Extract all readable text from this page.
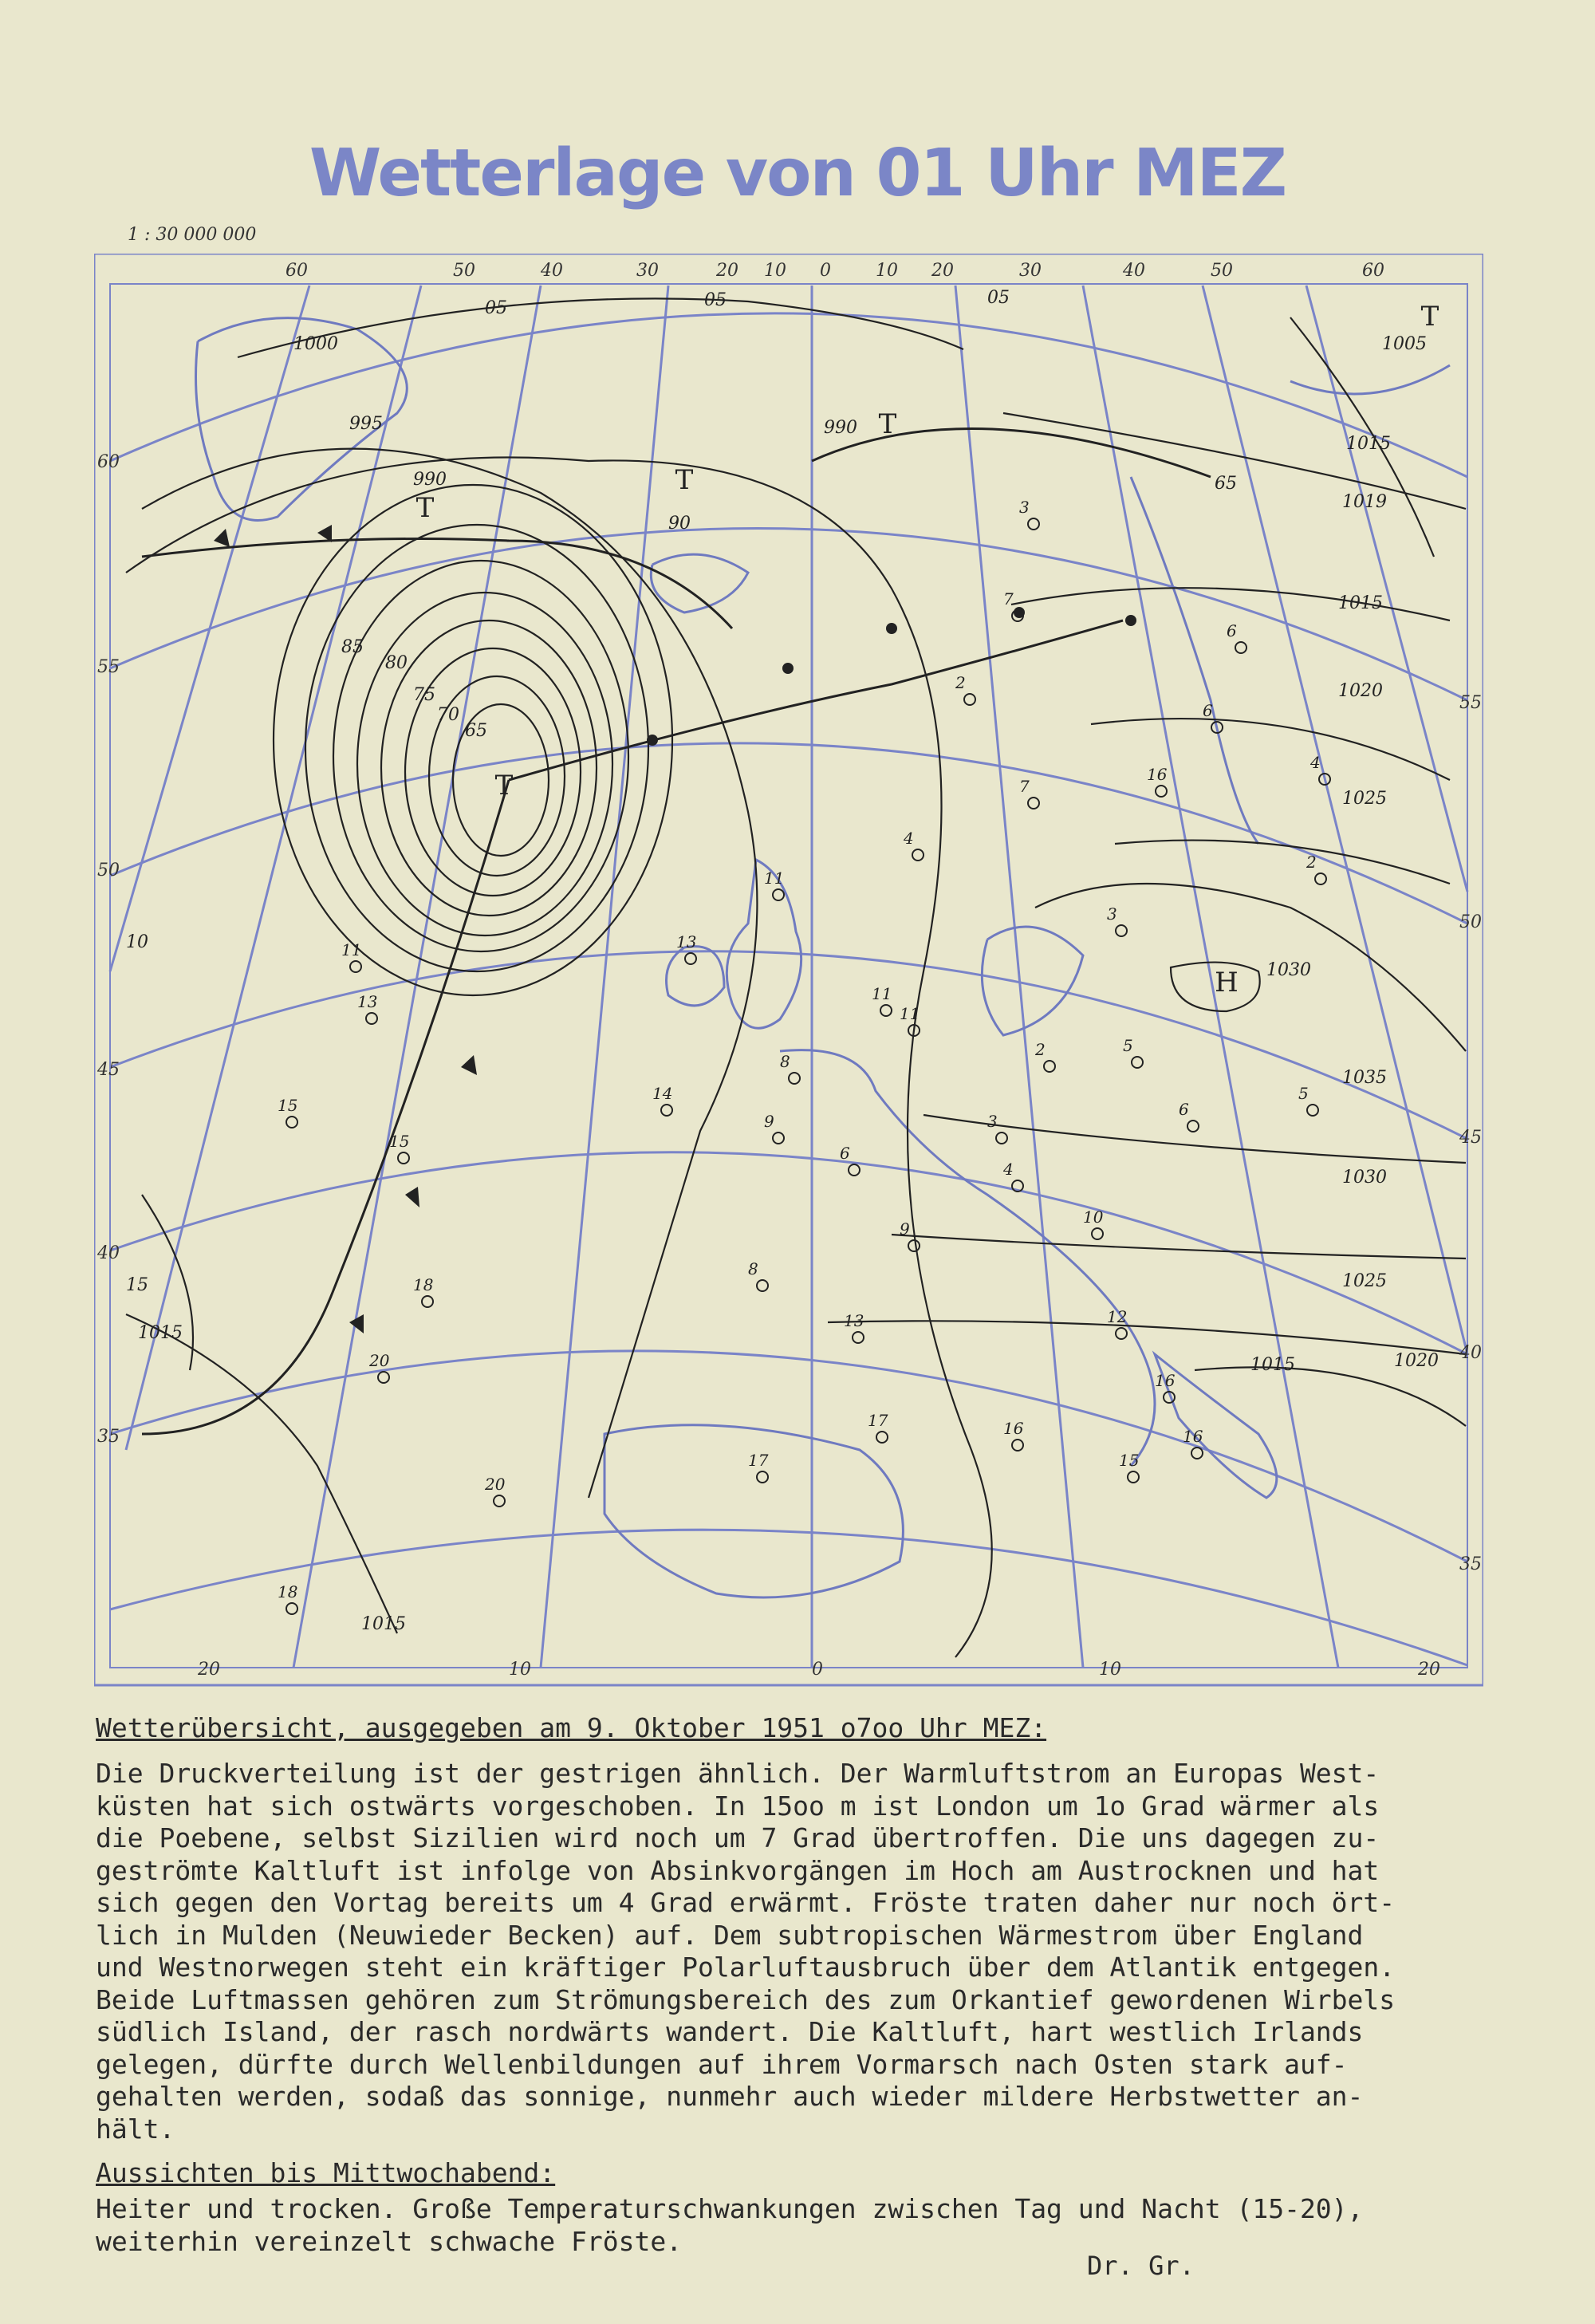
Wetterlage von 01 Uhr MEZ
1 : 30 000 000
T
T
T
T
T
H
60	50	40	30	20 10 0	10 20	30	40	50	60
20	10	0	10	20
60
55
50
45
40
35
55
50
45
40
35
05	05	05
1005
1000
995
990
990
90
85
80
75
70
65
65
10
15
1015
1015
1019
1015
1020
1025
1030
1035
1030
1025
1020
1015
1015
3
7
6
2
6
16
4
7
4
11
2
3
13
11
11
11
13
8
3
14
15
15
2
6
9
6
4
10
9
8
13
18
20
12
16
17
17
16
15
16
20
18
5
5
Wetterübersicht, ausgegeben am 9. Oktober 1951 o7oo Uhr MEZ:
Die Druckverteilung ist der gestrigen ähnlich. Der Warmluftstrom an Europas West-
küsten hat sich ostwärts vorgeschoben. In 15oo m ist London um 1o Grad wärmer als
die Poebene, selbst Sizilien wird noch um 7 Grad übertroffen. Die uns dagegen zu-
geströmte Kaltluft ist infolge von Absinkvorgängen im Hoch am Austrocknen und hat
sich gegen den Vortag bereits um 4 Grad erwärmt. Fröste traten daher nur noch ört-
lich in Mulden (Neuwieder Becken) auf. Dem subtropischen Wärmestrom über England
und Westnorwegen steht ein kräftiger Polarluftausbruch über dem Atlantik entgegen.
Beide Luftmassen gehören zum Strömungsbereich des zum Orkantief gewordenen Wirbels
südlich Island, der rasch nordwärts wandert. Die Kaltluft, hart westlich Irlands
gelegen, dürfte durch Wellenbildungen auf ihrem Vormarsch nach Osten stark auf-
gehalten werden, sodaß das sonnige, nunmehr auch wieder mildere Herbstwetter an-
hält.
Aussichten bis Mittwochabend:
Heiter und trocken. Große Temperaturschwankungen zwischen Tag und Nacht (15-20),
weiterhin vereinzelt schwache Fröste.
Dr. Gr.
